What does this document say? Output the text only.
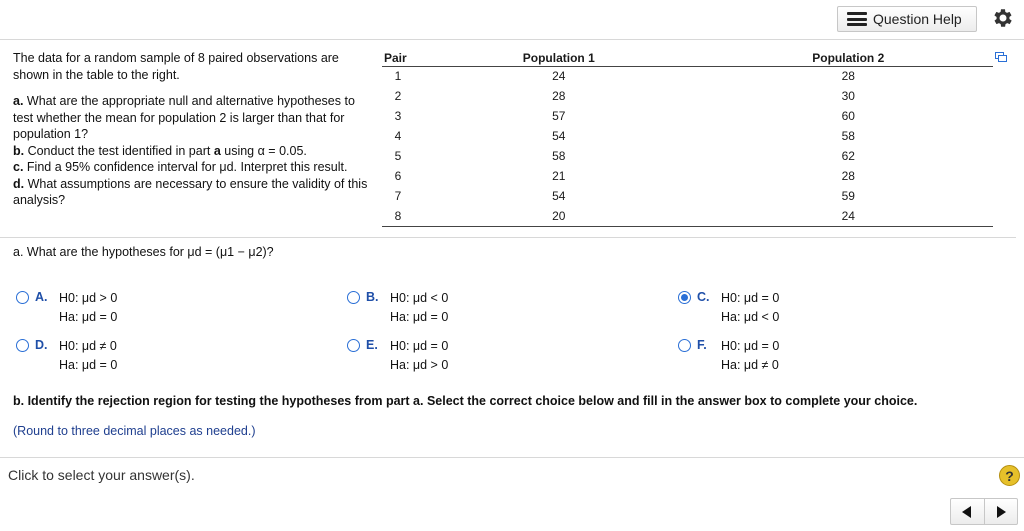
Question Help

The data for a random sample of 8 paired observations are shown in the table to the right.

a. What are the appropriate null and alternative hypotheses to test whether the mean for population 2 is larger than that for population 1?

b. Conduct the test identified in part a using α = 0.05.

c. Find a 95% confidence interval for μd. Interpret this result.

d. What assumptions are necessary to ensure the validity of this analysis?

Pair	Population 1	Population 2
1	24	28
2	28	30
3	57	60
4	54	58
5	58	62
6	21	28
7	54	59
8	20	24
a. What are the hypotheses for μd = (μ1 − μ2)?
A. H0: μd > 0
Ha: μd = 0
B. H0: μd < 0
Ha: μd = 0
C. H0: μd = 0
Ha: μd < 0
D. H0: μd ≠ 0
Ha: μd = 0
E. H0: μd = 0
Ha: μd > 0
F.	H0: μd = 0
Ha: μd ≠ 0
b. Identify the rejection region for testing the hypotheses from part a. Select the correct choice below and fill in the answer box to complete your choice.
(Round to three decimal places as needed.)
Click to select your answer(s).	?
